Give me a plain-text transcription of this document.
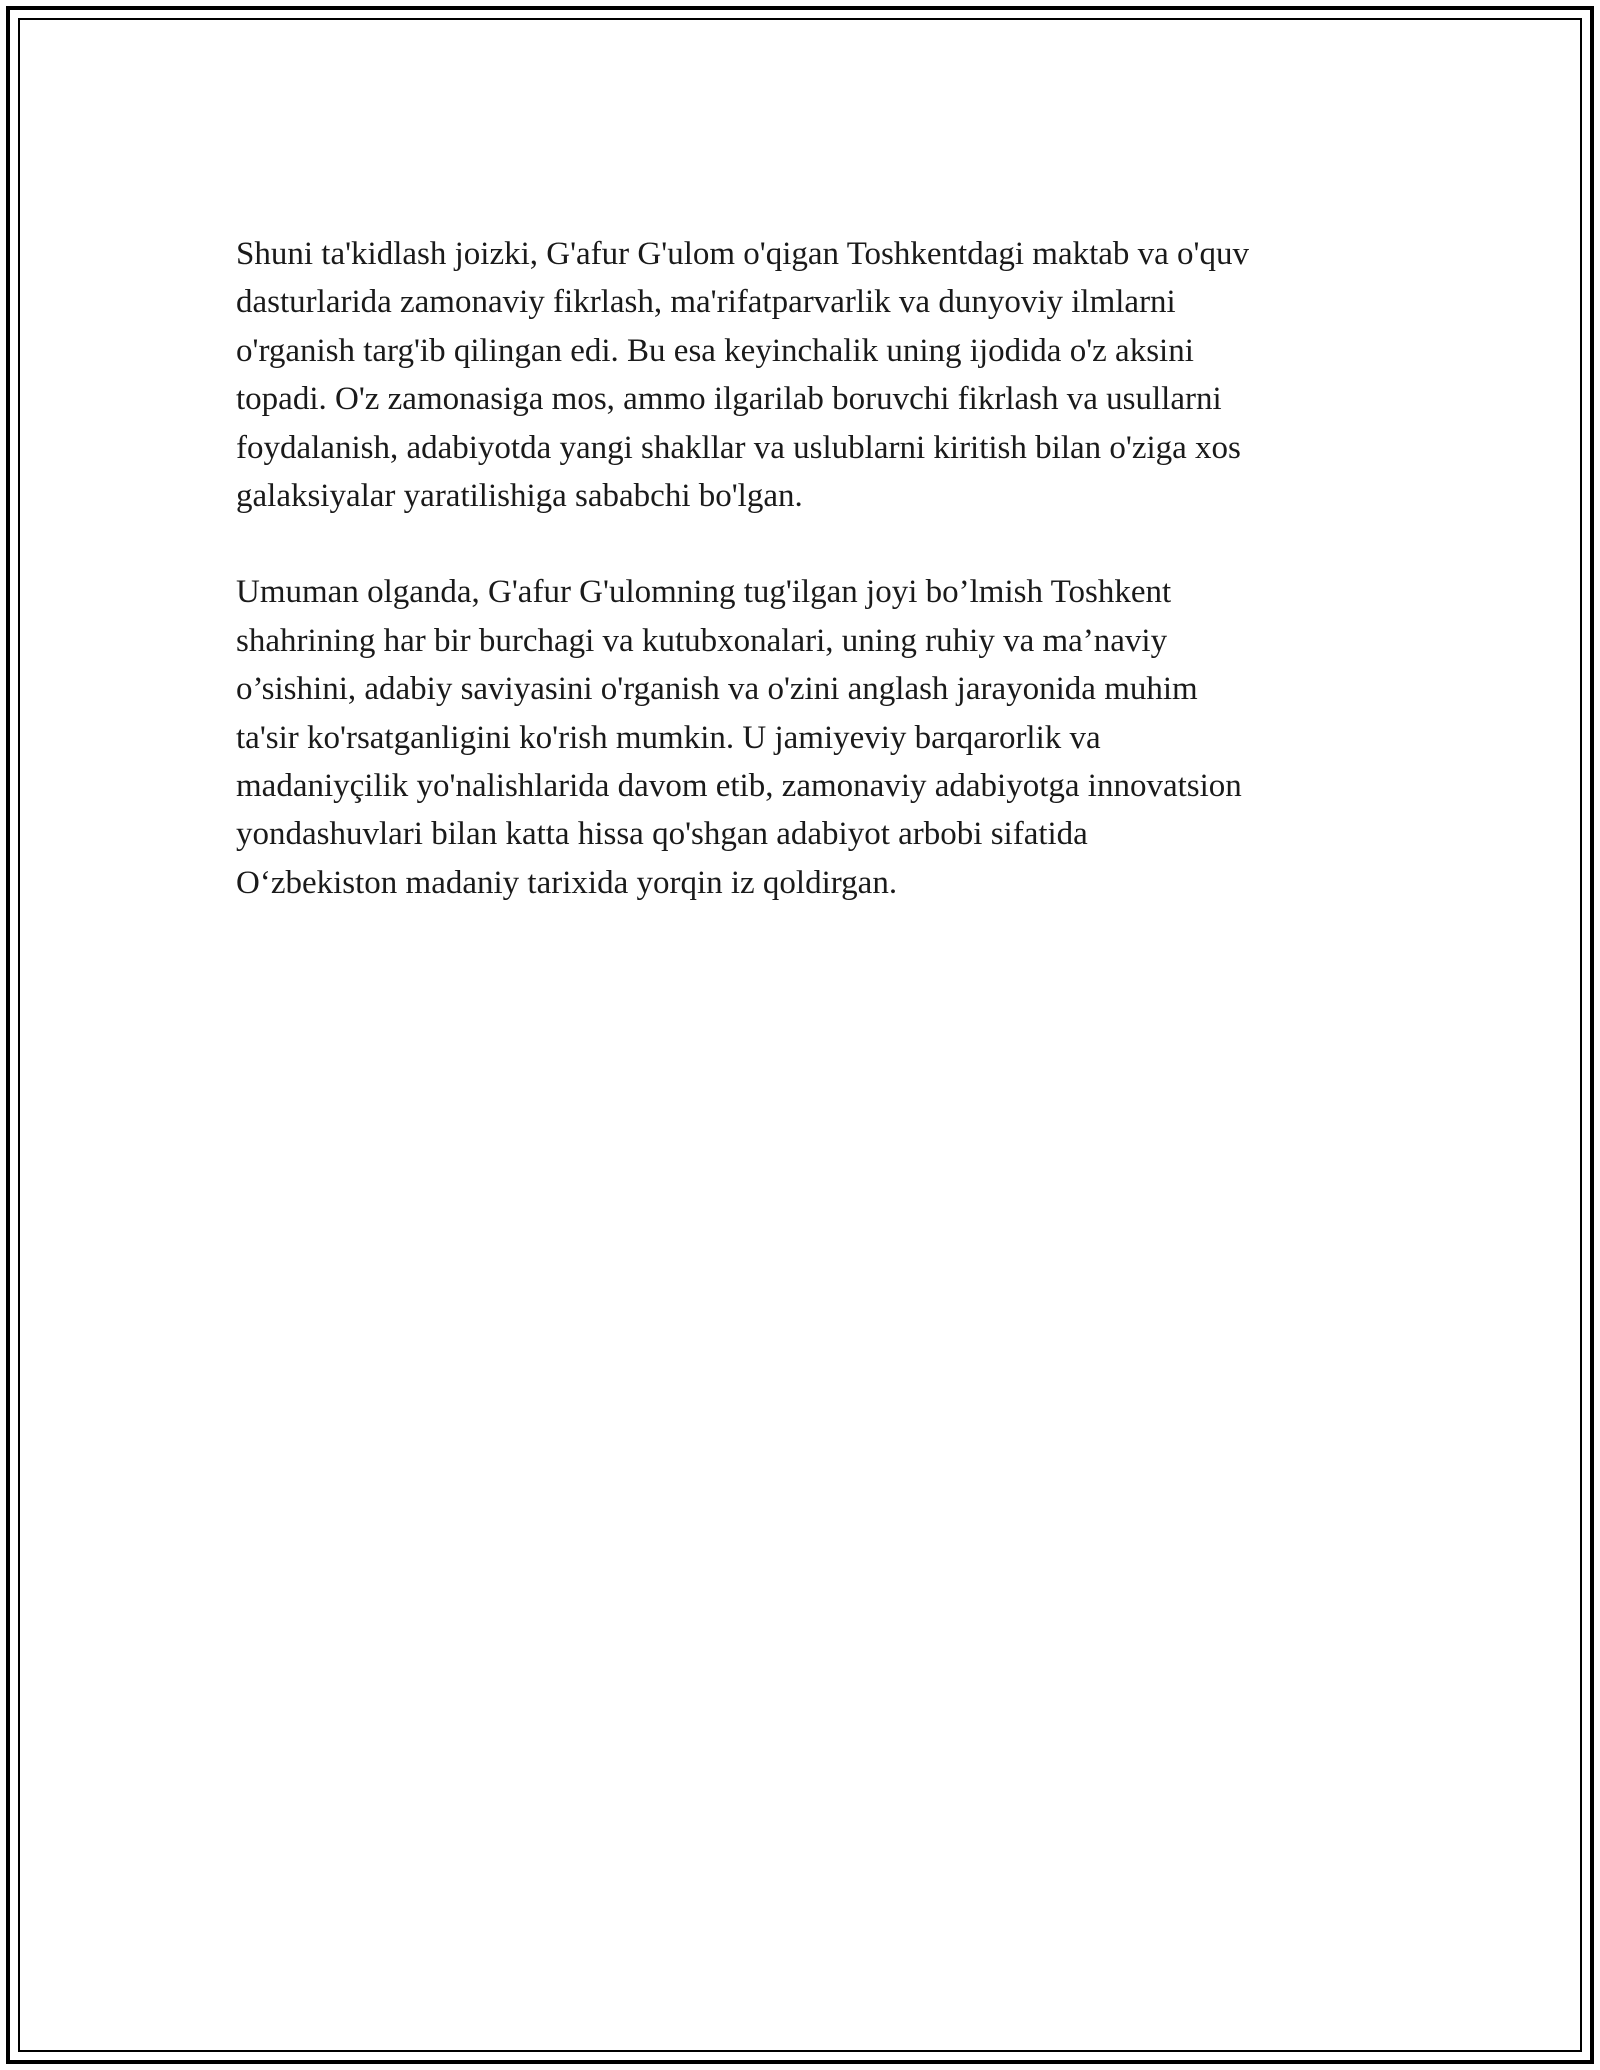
Shuni ta'kidlash joizki, G'afur G'ulom o'qigan Toshkentdagi maktab va o'quv
dasturlarida zamonaviy fikrlash, ma'rifatparvarlik va dunyoviy ilmlarni
o'rganish targ'ib qilingan edi. Bu esa keyinchalik uning ijodida o'z aksini
topadi. O'z zamonasiga mos, ammo ilgarilab boruvchi fikrlash va usullarni
foydalanish, adabiyotda yangi shakllar va uslublarni kiritish bilan o'ziga xos
galaksiyalar yaratilishiga sababchi bo'lgan.

Umuman olganda, G'afur G'ulomning tug'ilgan joyi bo’lmish Toshkent
shahrining har bir burchagi va kutubxonalari, uning ruhiy va ma’naviy
o’sishini, adabiy saviyasini o'rganish va o'zini anglash jarayonida muhim
ta'sir ko'rsatganligini ko'rish mumkin. U jamiyeviy barqarorlik va
madaniyçilik yo'nalishlarida davom etib, zamonaviy adabiyotga innovatsion
yondashuvlari bilan katta hissa qo'shgan adabiyot arbobi sifatida
O‘zbekiston madaniy tarixida yorqin iz qoldirgan.
